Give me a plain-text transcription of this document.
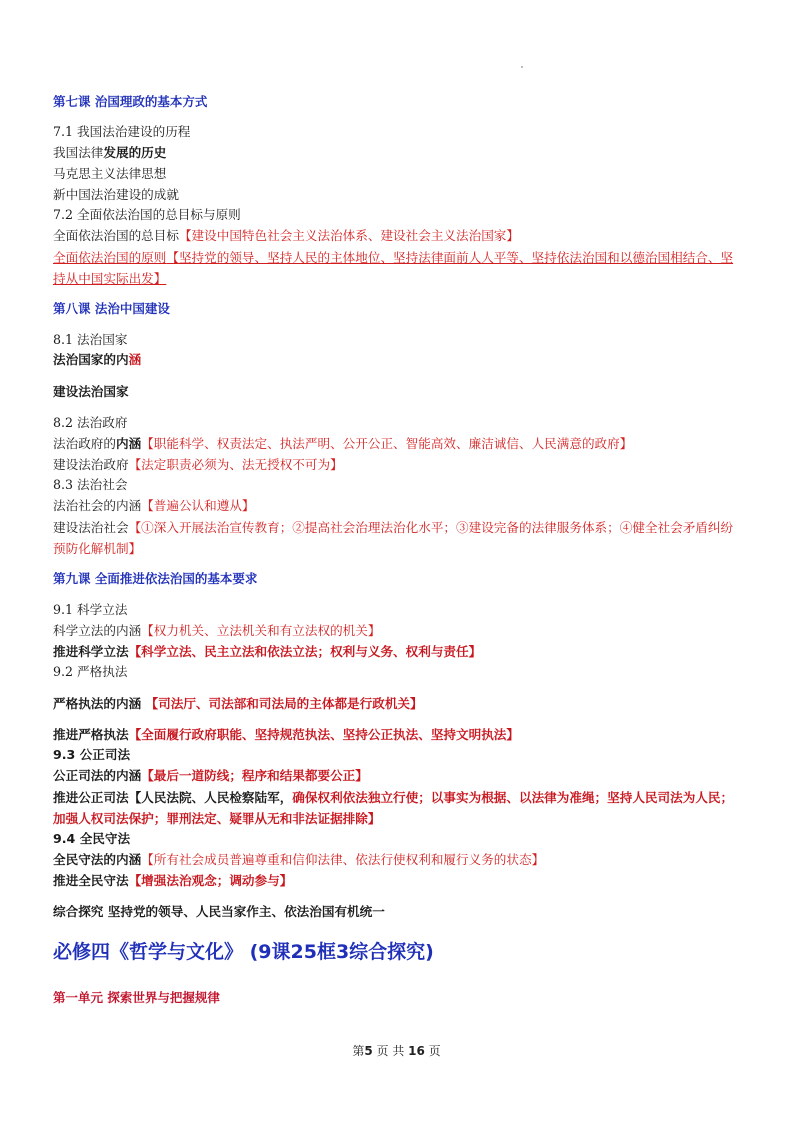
第七课 治国理政的基本方式
7.1 我国法治建设的历程
我国法律发展的历史
马克思主义法律思想
新中国法治建设的成就
7.2 全面依法治国的总目标与原则
全面依法治国的总目标【建设中国特色社会主义法治体系、建设社会主义法治国家】
全面依法治国的原则【坚持党的领导、坚持人民的主体地位、坚持法律面前人人平等、坚持依法治国和以德治国相结合、坚持从中国实际出发】
第八课 法治中国建设
8.1 法治国家
法治国家的内涵
建设法治国家
8.2 法治政府
法治政府的内涵【职能科学、权责法定、执法严明、公开公正、智能高效、廉洁诚信、人民满意的政府】
建设法治政府【法定职责必须为、法无授权不可为】
8.3 法治社会
法治社会的内涵【普遍公认和遵从】
建设法治社会【①深入开展法治宣传教育；②提高社会治理法治化水平；③建设完备的法律服务体系；④健全社会矛盾纠纷预防化解机制】
第九课 全面推进依法治国的基本要求
9.1 科学立法
科学立法的内涵【权力机关、立法机关和有立法权的机关】
推进科学立法【科学立法、民主立法和依法立法；权利与义务、权利与责任】
9.2 严格执法
严格执法的内涵 【司法厅、司法部和司法局的主体都是行政机关】
推进严格执法【全面履行政府职能、坚持规范执法、坚持公正执法、坚持文明执法】
9.3 公正司法
公正司法的内涵【最后一道防线；程序和结果都要公正】
推进公正司法【人民法院、人民检察陆军，确保权利依法独立行使；以事实为根据、以法律为准绳；坚持人民司法为人民；加强人权司法保护；罪刑法定、疑罪从无和非法证据排除】
9.4 全民守法
全民守法的内涵【所有社会成员普遍尊重和信仰法律、依法行使权利和履行义务的状态】
推进全民守法【增强法治观念；调动参与】
综合探究 坚持党的领导、人民当家作主、依法治国有机统一
必修四《哲学与文化》 (9课25框3综合探究)
第一单元 探索世界与把握规律
第5 页 共 16 页
